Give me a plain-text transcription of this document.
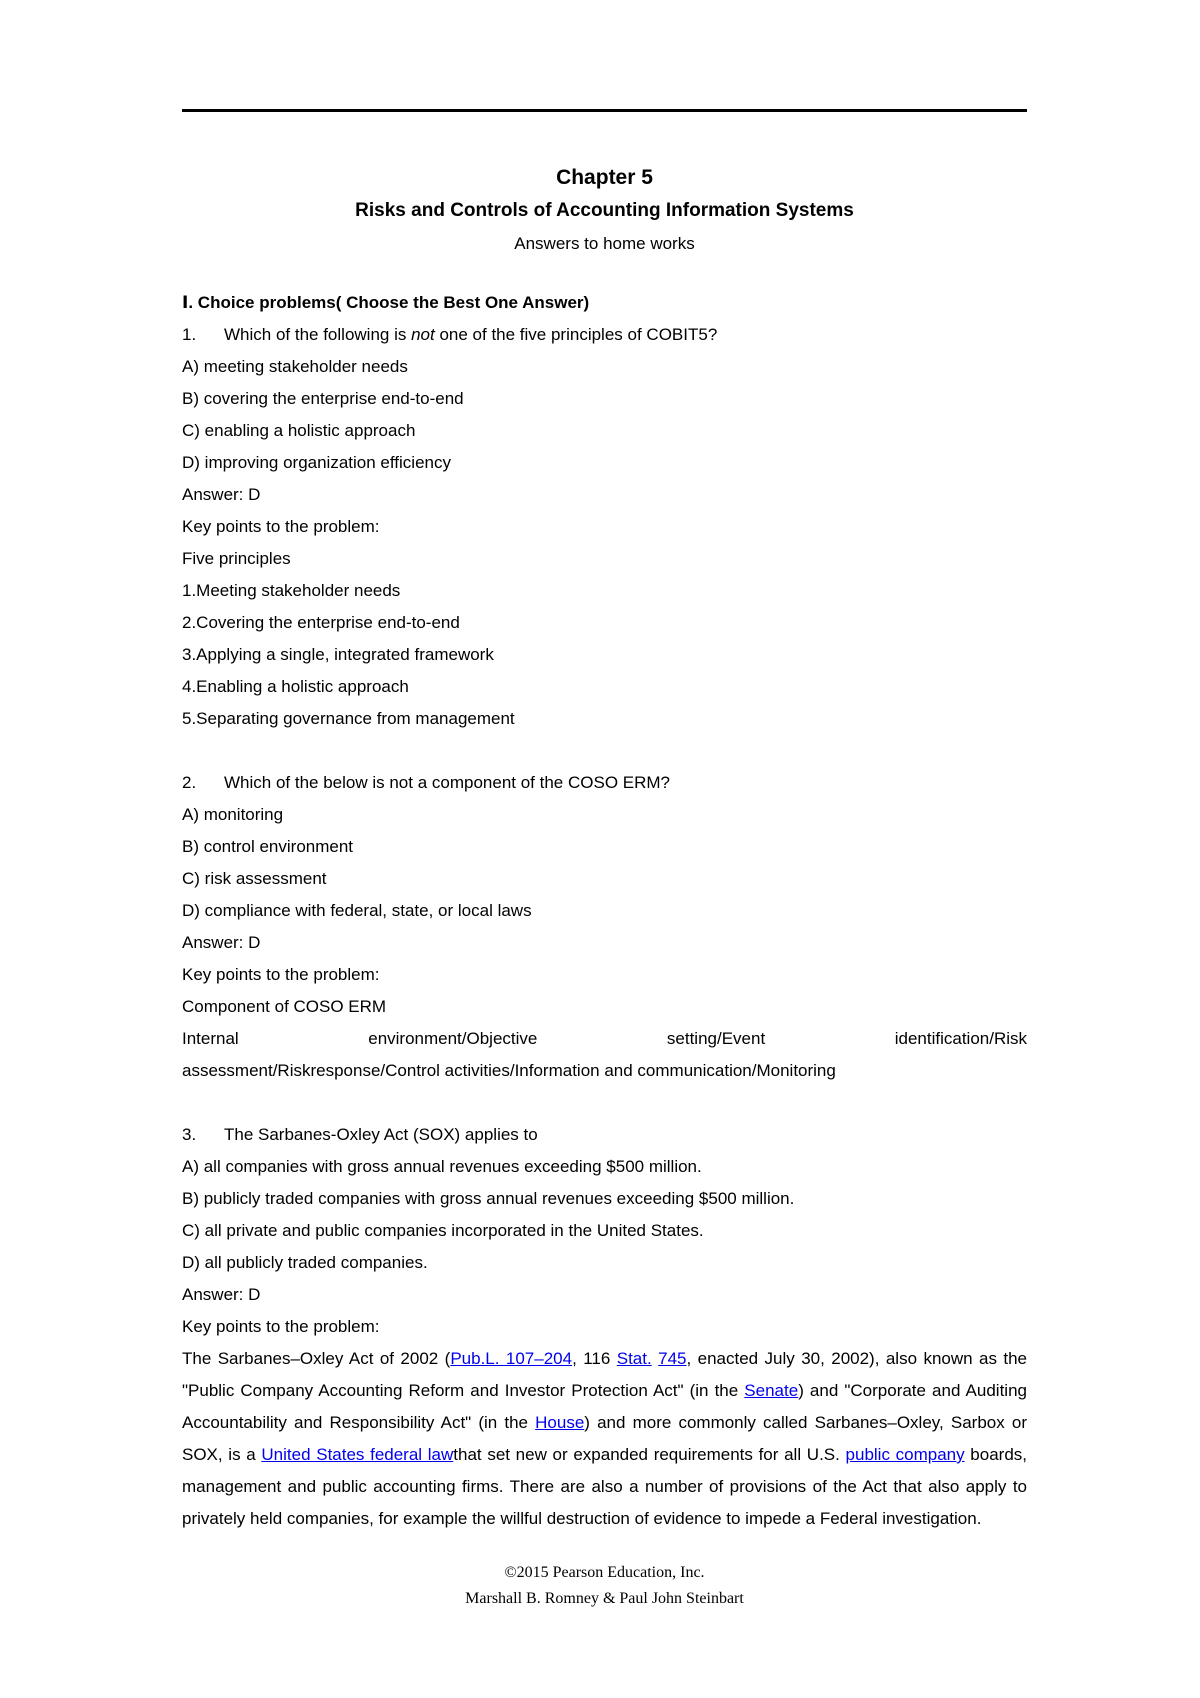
Chapter 5
Risks and Controls of Accounting Information Systems
Answers to home works
Ⅰ. Choice problems( Choose the Best One Answer)
1. Which of the following is not one of the five principles of COBIT5?
A) meeting stakeholder needs
B) covering the enterprise end-to-end
C) enabling a holistic approach
D) improving organization efficiency
Answer: D
Key points to the problem:
Five principles
1.Meeting stakeholder needs
2.Covering the enterprise end-to-end
3.Applying a single, integrated framework
4.Enabling a holistic approach
5.Separating governance from management
2. Which of the below is not a component of the COSO ERM?
A) monitoring
B) control environment
C) risk assessment
D) compliance with federal, state, or local laws
Answer: D
Key points to the problem:
Component of COSO ERM
Internal	environment/Objective	setting/Event	identification/Risk
assessment/Riskresponse/Control activities/Information and communication/Monitoring
3. The Sarbanes-Oxley Act (SOX) applies to
A) all companies with gross annual revenues exceeding $500 million.
B) publicly traded companies with gross annual revenues exceeding $500 million.
C) all private and public companies incorporated in the United States.
D) all publicly traded companies.
Answer: D
Key points to the problem:
The Sarbanes–Oxley Act of 2002 (Pub.L. 107–204, 116 Stat. 745, enacted July 30, 2002), also known as the "Public Company Accounting Reform and Investor Protection Act" (in the Senate) and "Corporate and Auditing Accountability and Responsibility Act" (in the House) and more commonly called Sarbanes–Oxley, Sarbox or SOX, is a United States federal lawthat set new or expanded requirements for all U.S. public company boards, management and public accounting firms. There are also a number of provisions of the Act that also apply to privately held companies, for example the willful destruction of evidence to impede a Federal investigation.
©2015 Pearson Education, Inc.
Marshall B. Romney & Paul John Steinbart
